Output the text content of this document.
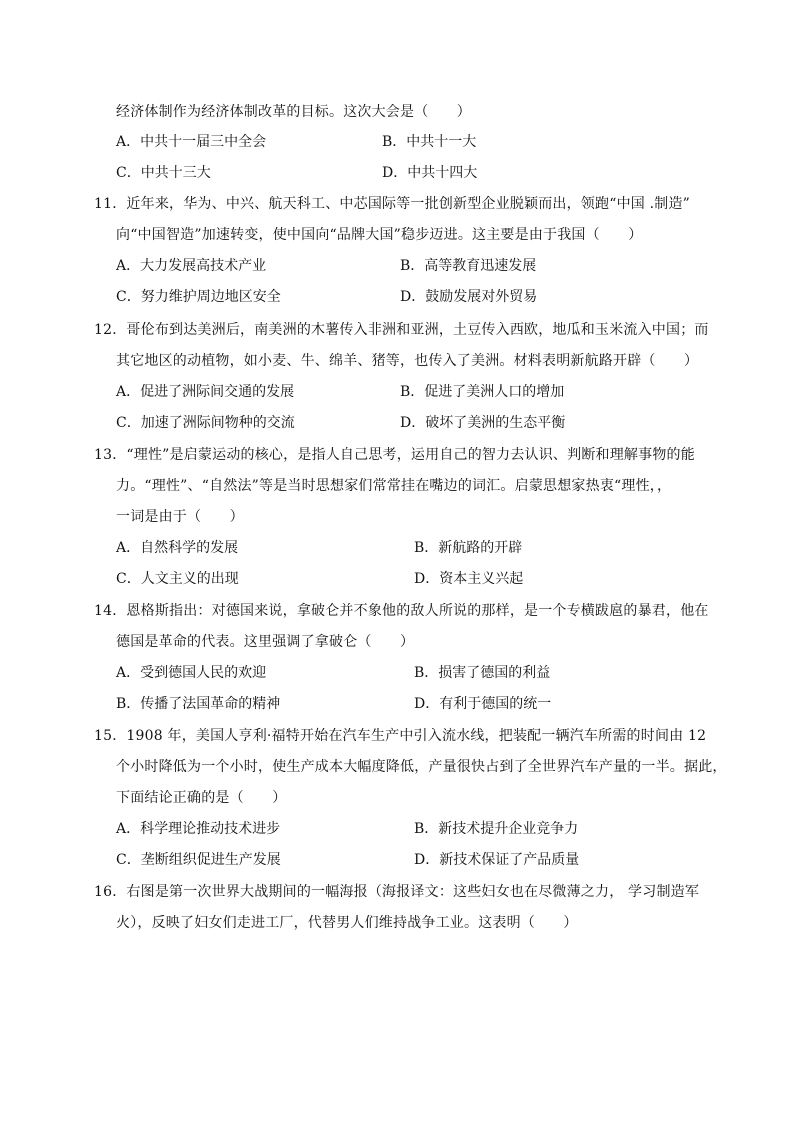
经济体制作为经济体制改革的目标。这次大会是（　　）
A．中共十一届三中全会	B．中共十一大
C．中共十三大	D．中共十四大
11．近年来，华为、中兴、航天科工、中芯国际等一批创新型企业脱颖而出，领跑“中国 .制造”
向“中国智造”加速转变，使中国向“品牌大国”稳步迈进。这主要是由于我国（　　）
A．大力发展高技术产业	B．高等教育迅速发展
C．努力维护周边地区安全	D．鼓励发展对外贸易
12．哥伦布到达美洲后，南美洲的木薯传入非洲和亚洲，土豆传入西欧，地瓜和玉米流入中国；而
其它地区的动植物，如小麦、牛、绵羊、猪等，也传入了美洲。材料表明新航路开辟（　　）
A．促进了洲际间交通的发展	B．促进了美洲人口的增加
C．加速了洲际间物种的交流	D．破坏了美洲的生态平衡
13．“理性”是启蒙运动的核心，是指人自己思考，运用自己的智力去认识、判断和理解事物的能
力。“理性”、“自然法”等是当时思想家们常常挂在嘴边的词汇。启蒙思想家热衷“理性，，
一词是由于（　　）
A．自然科学的发展	B．新航路的开辟
C．人文主义的出现	D．资本主义兴起
14．恩格斯指出：对德国来说，拿破仑并不象他的敌人所说的那样，是一个专横跋扈的暴君，他在
德国是革命的代表。这里强调了拿破仑（　　）
A．受到德国人民的欢迎	B．损害了德国的利益
B．传播了法国革命的精神	D．有利于德国的统一
15．1908 年，美国人亨利·福特开始在汽车生产中引入流水线，把装配一辆汽车所需的时间由 12
个小时降低为一个小时，使生产成本大幅度降低，产量很快占到了全世界汽车产量的一半。据此，
下面结论正确的是（　　）
A．科学理论推动技术进步	B．新技术提升企业竞争力
C．垄断组织促进生产发展	D．新技术保证了产品质量
16．右图是第一次世界大战期间的一幅海报（海报译文：这些妇女也在尽微薄之力， 学习制造军
火），反映了妇女们走进工厂，代替男人们维持战争工业。这表明（　　）
